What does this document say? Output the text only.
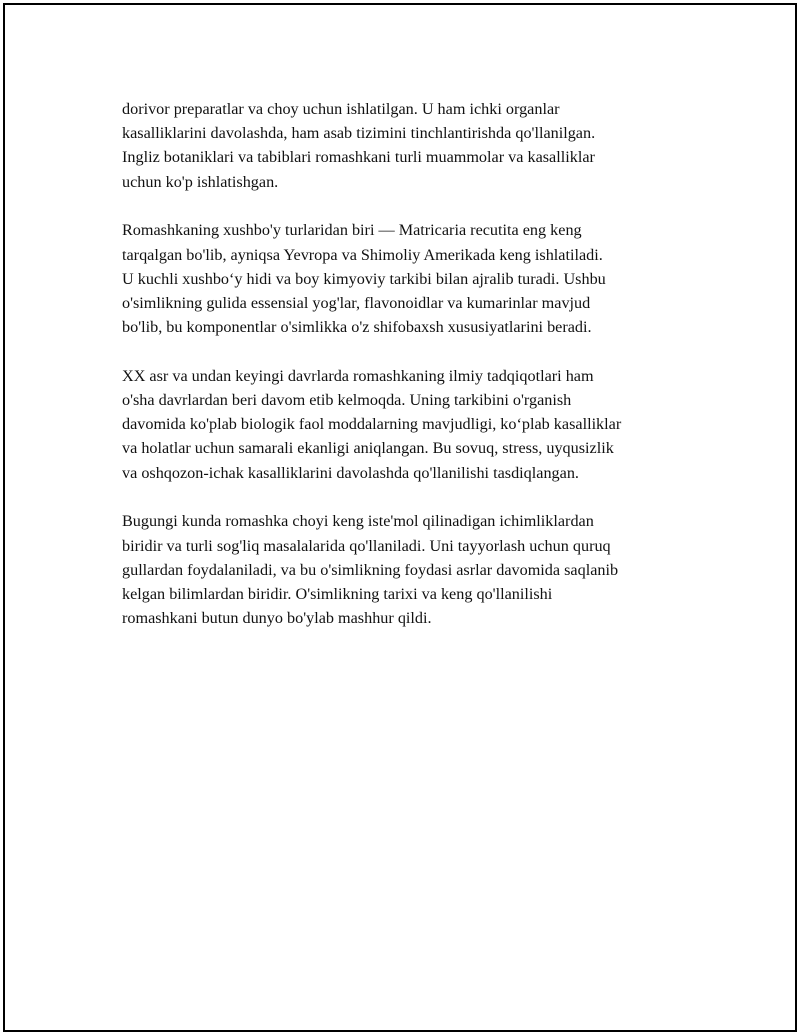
dorivor preparatlar va choy uchun ishlatilgan. U ham ichki organlar
kasalliklarini davolashda, ham asab tizimini tinchlantirishda qo'llanilgan.
Ingliz botaniklari va tabiblari romashkani turli muammolar va kasalliklar
uchun ko'p ishlatishgan.

Romashkaning xushbo'y turlaridan biri — Matricaria recutita eng keng
tarqalgan bo'lib, ayniqsa Yevropa va Shimoliy Amerikada keng ishlatiladi.
U kuchli xushbo‘y hidi va boy kimyoviy tarkibi bilan ajralib turadi. Ushbu
o'simlikning gulida essensial yog'lar, flavonoidlar va kumarinlar mavjud
bo'lib, bu komponentlar o'simlikka o'z shifobaxsh xususiyatlarini beradi.

XX asr va undan keyingi davrlarda romashkaning ilmiy tadqiqotlari ham
o'sha davrlardan beri davom etib kelmoqda. Uning tarkibini o'rganish
davomida ko'plab biologik faol moddalarning mavjudligi, ko‘plab kasalliklar
va holatlar uchun samarali ekanligi aniqlangan. Bu sovuq, stress, uyqusizlik
va oshqozon-ichak kasalliklarini davolashda qo'llanilishi tasdiqlangan.

Bugungi kunda romashka choyi keng iste'mol qilinadigan ichimliklardan
biridir va turli sog'liq masalalarida qo'llaniladi. Uni tayyorlash uchun quruq
gullardan foydalaniladi, va bu o'simlikning foydasi asrlar davomida saqlanib
kelgan bilimlardan biridir. O'simlikning tarixi va keng qo'llanilishi
romashkani butun dunyo bo'ylab mashhur qildi.
